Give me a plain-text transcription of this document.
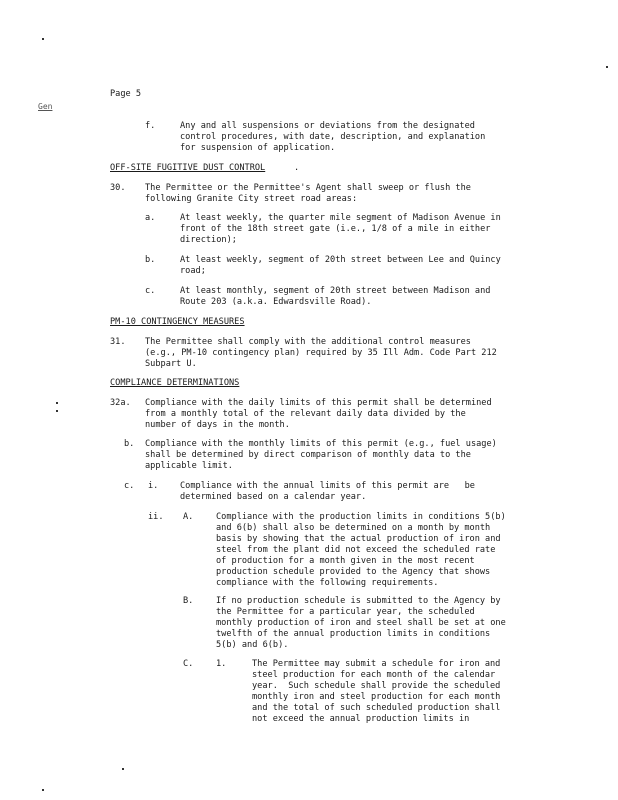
Page 5
Gen
f.	Any and all suspensions or deviations from the designated
control procedures, with date, description, and explanation
for suspension of application.
OFF-SITE FUGITIVE DUST CONTROL	.
30. The Permittee or the Permittee's Agent shall sweep or flush the
following Granite City street road areas:
a.	At least weekly, the quarter mile segment of Madison Avenue in
front of the 18th street gate (i.e., 1/8 of a mile in either
direction);
b.	At least weekly, segment of 20th street between Lee and Quincy
road;
c.	At least monthly, segment of 20th street between Madison and
Route 203 (a.k.a. Edwardsville Road).
PM-10 CONTINGENCY MEASURES
31. The Permittee shall comply with the additional control measures
(e.g., PM-10 contingency plan) required by 35 Ill Adm. Code Part 212
Subpart U.
COMPLIANCE DETERMINATIONS
32a. Compliance with the daily limits of this permit shall be determined
from a monthly total of the relevant daily data divided by the
number of days in the month.
b. Compliance with the monthly limits of this permit (e.g., fuel usage)
shall be determined by direct comparison of monthly data to the
applicable limit.
c. i.	Compliance with the annual limits of this permit are   be
determined based on a calendar year.
ii. A.	Compliance with the production limits in conditions 5(b)
and 6(b) shall also be determined on a month by month
basis by showing that the actual production of iron and
steel from the plant did not exceed the scheduled rate
of production for a month given in the most recent
production schedule provided to the Agency that shows
compliance with the following requirements.
B.	If no production schedule is submitted to the Agency by
the Permittee for a particular year, the scheduled
monthly production of iron and steel shall be set at one
twelfth of the annual production limits in conditions
5(b) and 6(b).
C.	1.	The Permittee may submit a schedule for iron and
steel production for each month of the calendar
year.  Such schedule shall provide the scheduled
monthly iron and steel production for each month
and the total of such scheduled production shall
not exceed the annual production limits in
